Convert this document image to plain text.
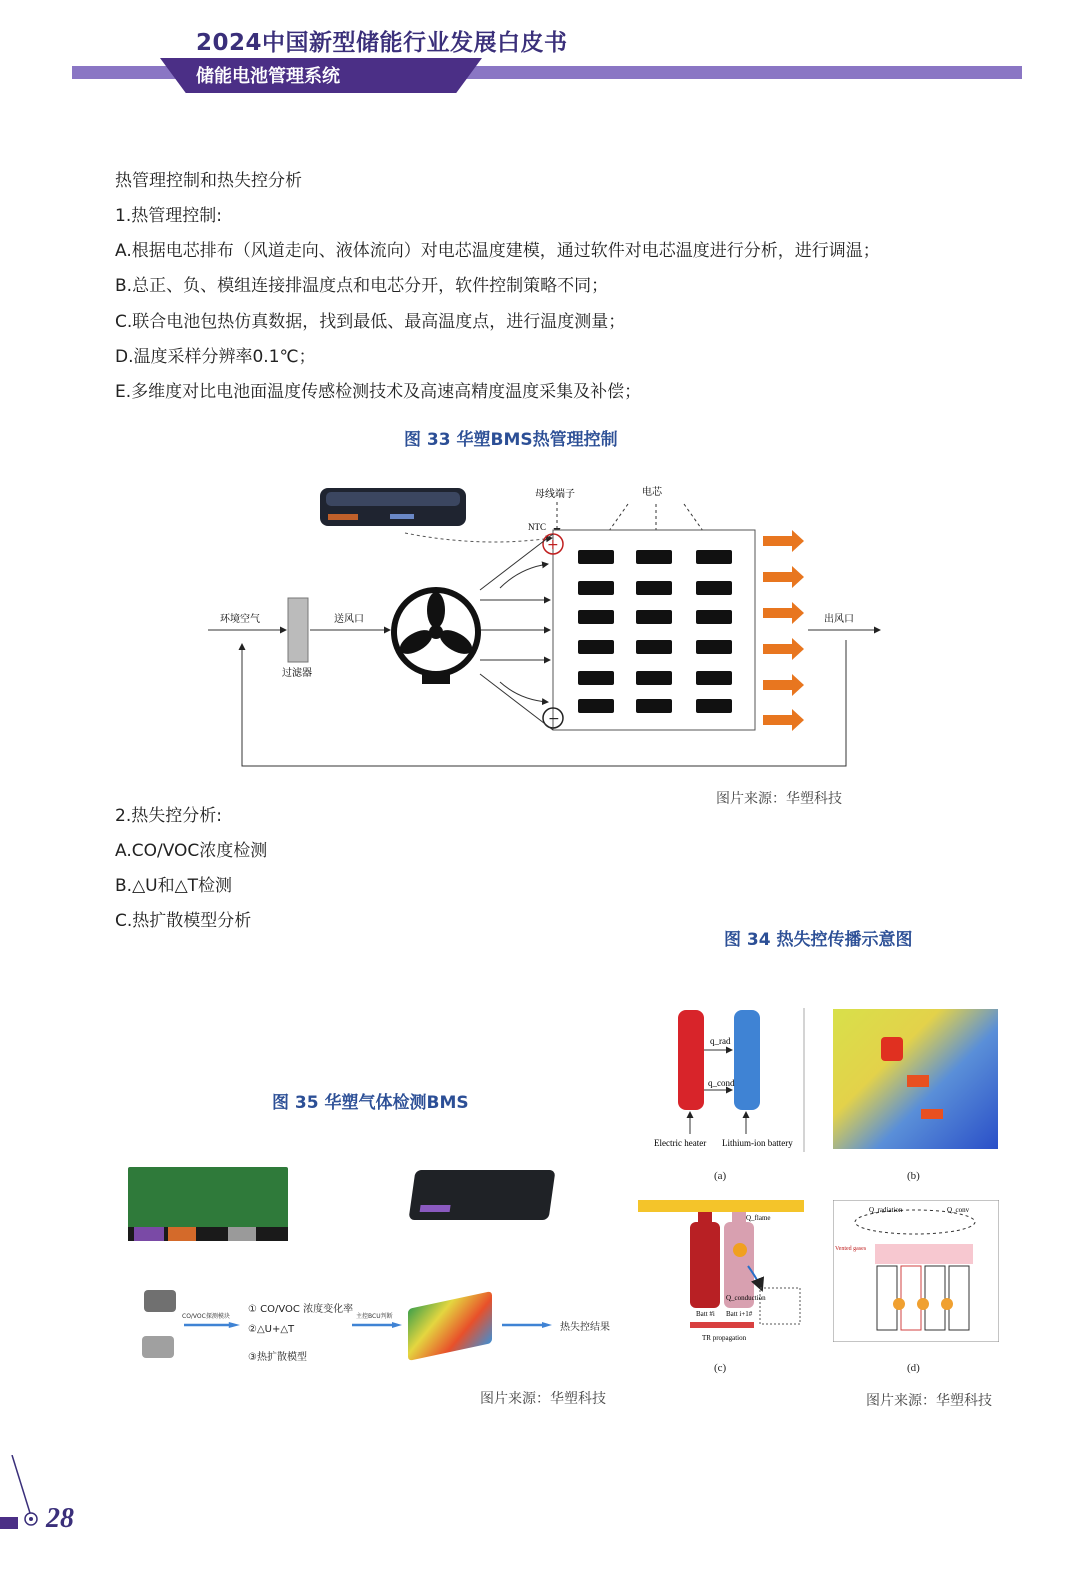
2024中国新型储能行业发展白皮书
储能电池管理系统
热管理控制和热失控分析
1.热管理控制:
A.根据电芯排布（风道走向、液体流向）对电芯温度建模，通过软件对电芯温度进行分析，进行调温；
B.总正、负、模组连接排温度点和电芯分开，软件控制策略不同；
C.联合电池包热仿真数据，找到最低、最高温度点，进行温度测量；
D.温度采样分辨率0.1℃；
E.多维度对比电池面温度传感检测技术及高速高精度温度采集及补偿；
图 33 华塑BMS热管理控制
母线端子	电芯
NTC
+
−
过滤器
环境空气	送风口	出风口
图片来源：华塑科技
2.热失控分析:
A.CO/VOC浓度检测
B.△U和△T检测
C.热扩散模型分析
图 34 热失控传播示意图
q_rad
q_cond
Electric heater Lithium-ion battery
(a)	(b)
Q_flame
Q_conduction
Batt #i Batt i+1#
TR propagation
(c)
Q_radiation	Q_conv
Vented gases
(d)
图片来源：华塑科技
图 35 华塑气体检测BMS
CO/VOC探测模块
① CO/VOC 浓度变化率
②△U+△T
③热扩散模型
主控BCU判断
热失控结果
图片来源：华塑科技
28
